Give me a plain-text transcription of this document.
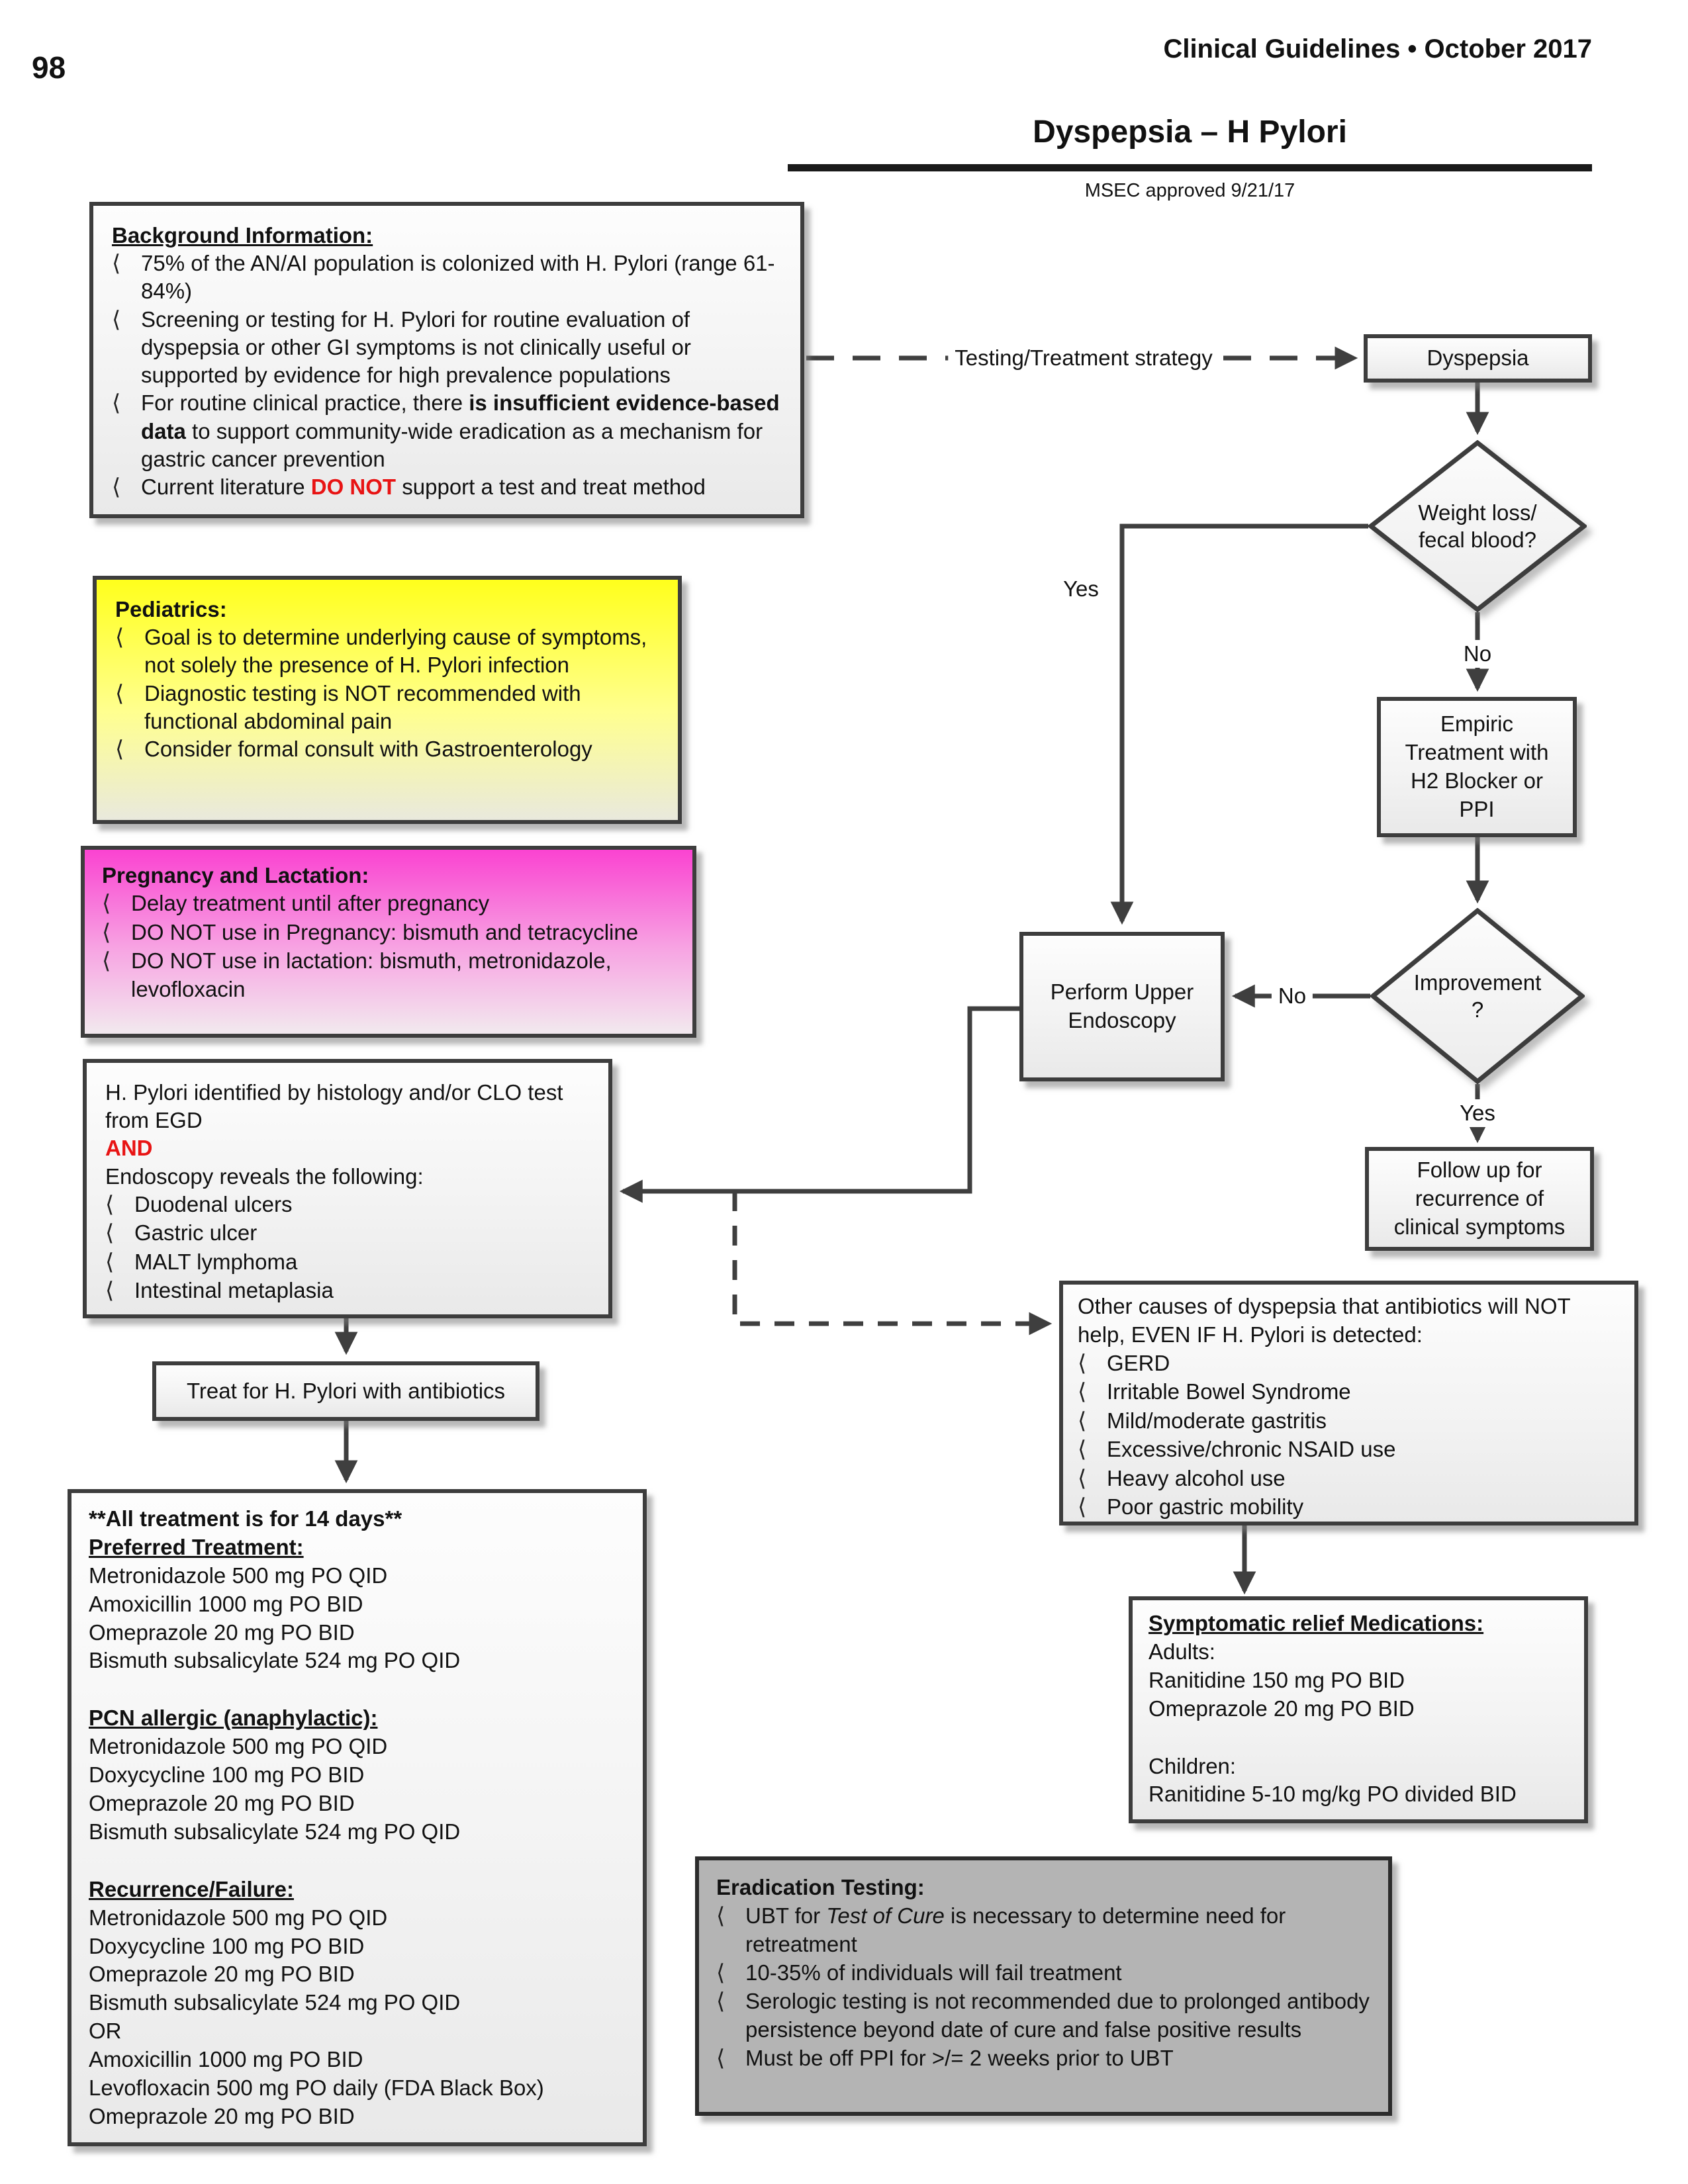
98
Clinical Guidelines • October 2017
Dyspepsia – H Pylori
MSEC approved 9/21/17
Background Information:
⟨ 75% of the AN/AI population is colonized with H. Pylori (range 61-84%)
⟨ Screening or testing for H. Pylori for routine evaluation of dyspepsia or other GI symptoms is not clinically useful or supported by evidence for high prevalence populations
⟨ For routine clinical practice, there is insufficient evidence-based data to support community-wide eradication as a mechanism for gastric cancer prevention
⟨ Current literature DO NOT support a test and treat method
Pediatrics:
⟨ Goal is to determine underlying cause of symptoms, not solely the presence of H. Pylori infection
⟨ Diagnostic testing is NOT recommended with functional abdominal pain
⟨ Consider formal consult with Gastroenterology
Pregnancy and Lactation:
⟨ Delay treatment until after pregnancy
⟨ DO NOT use in Pregnancy: bismuth and tetracycline
⟨ DO NOT use in lactation: bismuth, metronidazole, levofloxacin
H. Pylori identified by histology and/or CLO test from EGD
AND
Endoscopy reveals the following:
⟨ Duodenal ulcers
⟨ Gastric ulcer
⟨ MALT lymphoma
⟨ Intestinal metaplasia
Treat for H. Pylori with antibiotics
**All treatment is for 14 days**
Preferred Treatment:
Metronidazole 500 mg PO QID
Amoxicillin 1000 mg PO BID
Omeprazole 20 mg PO BID
Bismuth subsalicylate 524 mg PO QID
PCN allergic (anaphylactic):
Metronidazole 500 mg PO QID
Doxycycline 100 mg PO BID
Omeprazole 20 mg PO BID
Bismuth subsalicylate 524 mg PO QID
Recurrence/Failure:
Metronidazole 500 mg PO QID
Doxycycline 100 mg PO BID
Omeprazole 20 mg PO BID
Bismuth subsalicylate 524 mg PO QID
OR
Amoxicillin 1000 mg PO BID
Levofloxacin 500 mg PO daily (FDA Black Box)
Omeprazole 20 mg PO BID
Testing/Treatment strategy	Dyspepsia
Weight loss/
fecal blood?
Yes
No
Empiric
Treatment with
H2 Blocker or
PPI
Improvement
?
No
Yes
Perform Upper
Endoscopy
Follow up for
recurrence of
clinical symptoms
Other causes of dyspepsia that antibiotics will NOT help, EVEN IF H. Pylori is detected:
⟨ GERD
⟨ Irritable Bowel Syndrome
⟨ Mild/moderate gastritis
⟨ Excessive/chronic NSAID use
⟨ Heavy alcohol use
⟨ Poor gastric mobility
Symptomatic relief Medications:
Adults:
Ranitidine 150 mg PO BID
Omeprazole 20 mg PO BID
Children:
Ranitidine 5-10 mg/kg PO divided BID
Eradication Testing:
⟨ UBT for Test of Cure is necessary to determine need for retreatment
⟨ 10-35% of individuals will fail treatment
⟨ Serologic testing is not recommended due to prolonged antibody persistence beyond date of cure and false positive results
⟨ Must be off PPI for >/= 2 weeks prior to UBT
